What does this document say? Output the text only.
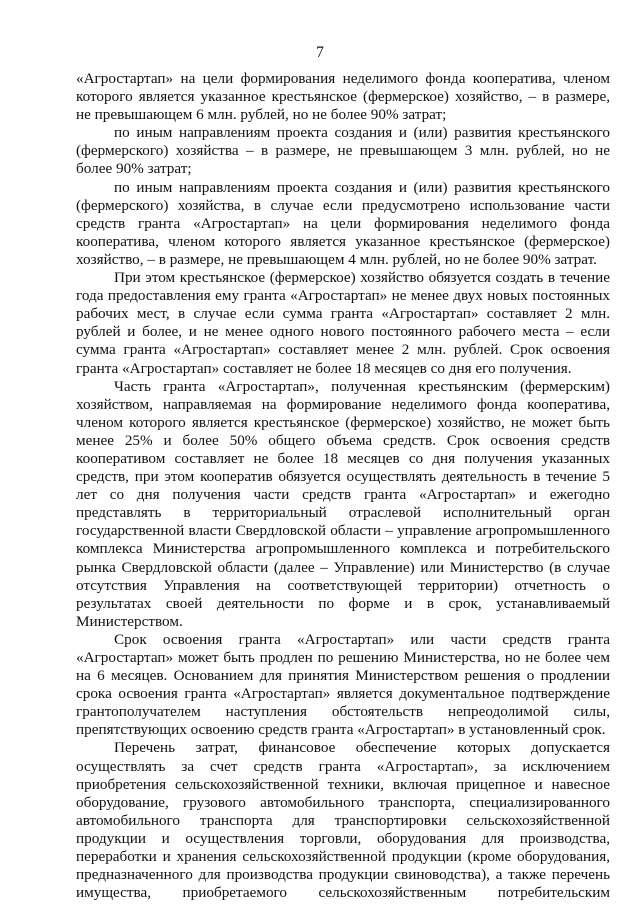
7

«Агростартап» на цели формирования неделимого фонда кооператива, членом которого является указанное крестьянское (фермерское) хозяйство, – в размере, не превышающем 6 млн. рублей, но не более 90% затрат;

по иным направлениям проекта создания и (или) развития крестьянского (фермерского) хозяйства – в размере, не превышающем 3 млн. рублей, но не более 90% затрат;

по иным направлениям проекта создания и (или) развития крестьянского (фермерского) хозяйства, в случае если предусмотрено использование части средств гранта «Агростартап» на цели формирования неделимого фонда кооператива, членом которого является указанное крестьянское (фермерское) хозяйство, – в размере, не превышающем 4 млн. рублей, но не более 90% затрат.

При этом крестьянское (фермерское) хозяйство обязуется создать в течение года предоставления ему гранта «Агростартап» не менее двух новых постоянных рабочих мест, в случае если сумма гранта «Агростартап» составляет 2 млн. рублей и более, и не менее одного нового постоянного рабочего места – если сумма гранта «Агростартап» составляет менее 2 млн. рублей. Срок освоения гранта «Агростартап» составляет не более 18 месяцев со дня его получения.

Часть гранта «Агростартап», полученная крестьянским (фермерским) хозяйством, направляемая на формирование неделимого фонда кооператива, членом которого является крестьянское (фермерское) хозяйство, не может быть менее 25% и более 50% общего объема средств. Срок освоения средств кооперативом составляет не более 18 месяцев со дня получения указанных средств, при этом кооператив обязуется осуществлять деятельность в течение 5 лет со дня получения части средств гранта «Агростартап» и ежегодно представлять в территориальный отраслевой исполнительный орган государственной власти Свердловской области – управление агропромышленного комплекса Министерства агропромышленного комплекса и потребительского рынка Свердловской области (далее – Управление) или Министерство (в случае отсутствия Управления на соответствующей территории) отчетность о результатах своей деятельности по форме и в срок, устанавливаемый Министерством.

Срок освоения гранта «Агростартап» или части средств гранта «Агростартап» может быть продлен по решению Министерства, но не более чем на 6 месяцев. Основанием для принятия Министерством решения о продлении срока освоения гранта «Агростартап» является документальное подтверждение грантополучателем наступления обстоятельств непреодолимой силы, препятствующих освоению средств гранта «Агростартап» в установленный срок.

Перечень затрат, финансовое обеспечение которых допускается осуществлять за счет средств гранта «Агростартап», за исключением приобретения сельскохозяйственной техники, включая прицепное и навесное оборудование, грузового автомобильного транспорта, специализированного автомобильного транспорта для транспортировки сельскохозяйственной продукции и осуществления торговли, оборудования для производства, переработки и хранения сельскохозяйственной продукции (кроме оборудования, предназначенного для производства продукции свиноводства), а также перечень имущества, приобретаемого сельскохозяйственным потребительским
